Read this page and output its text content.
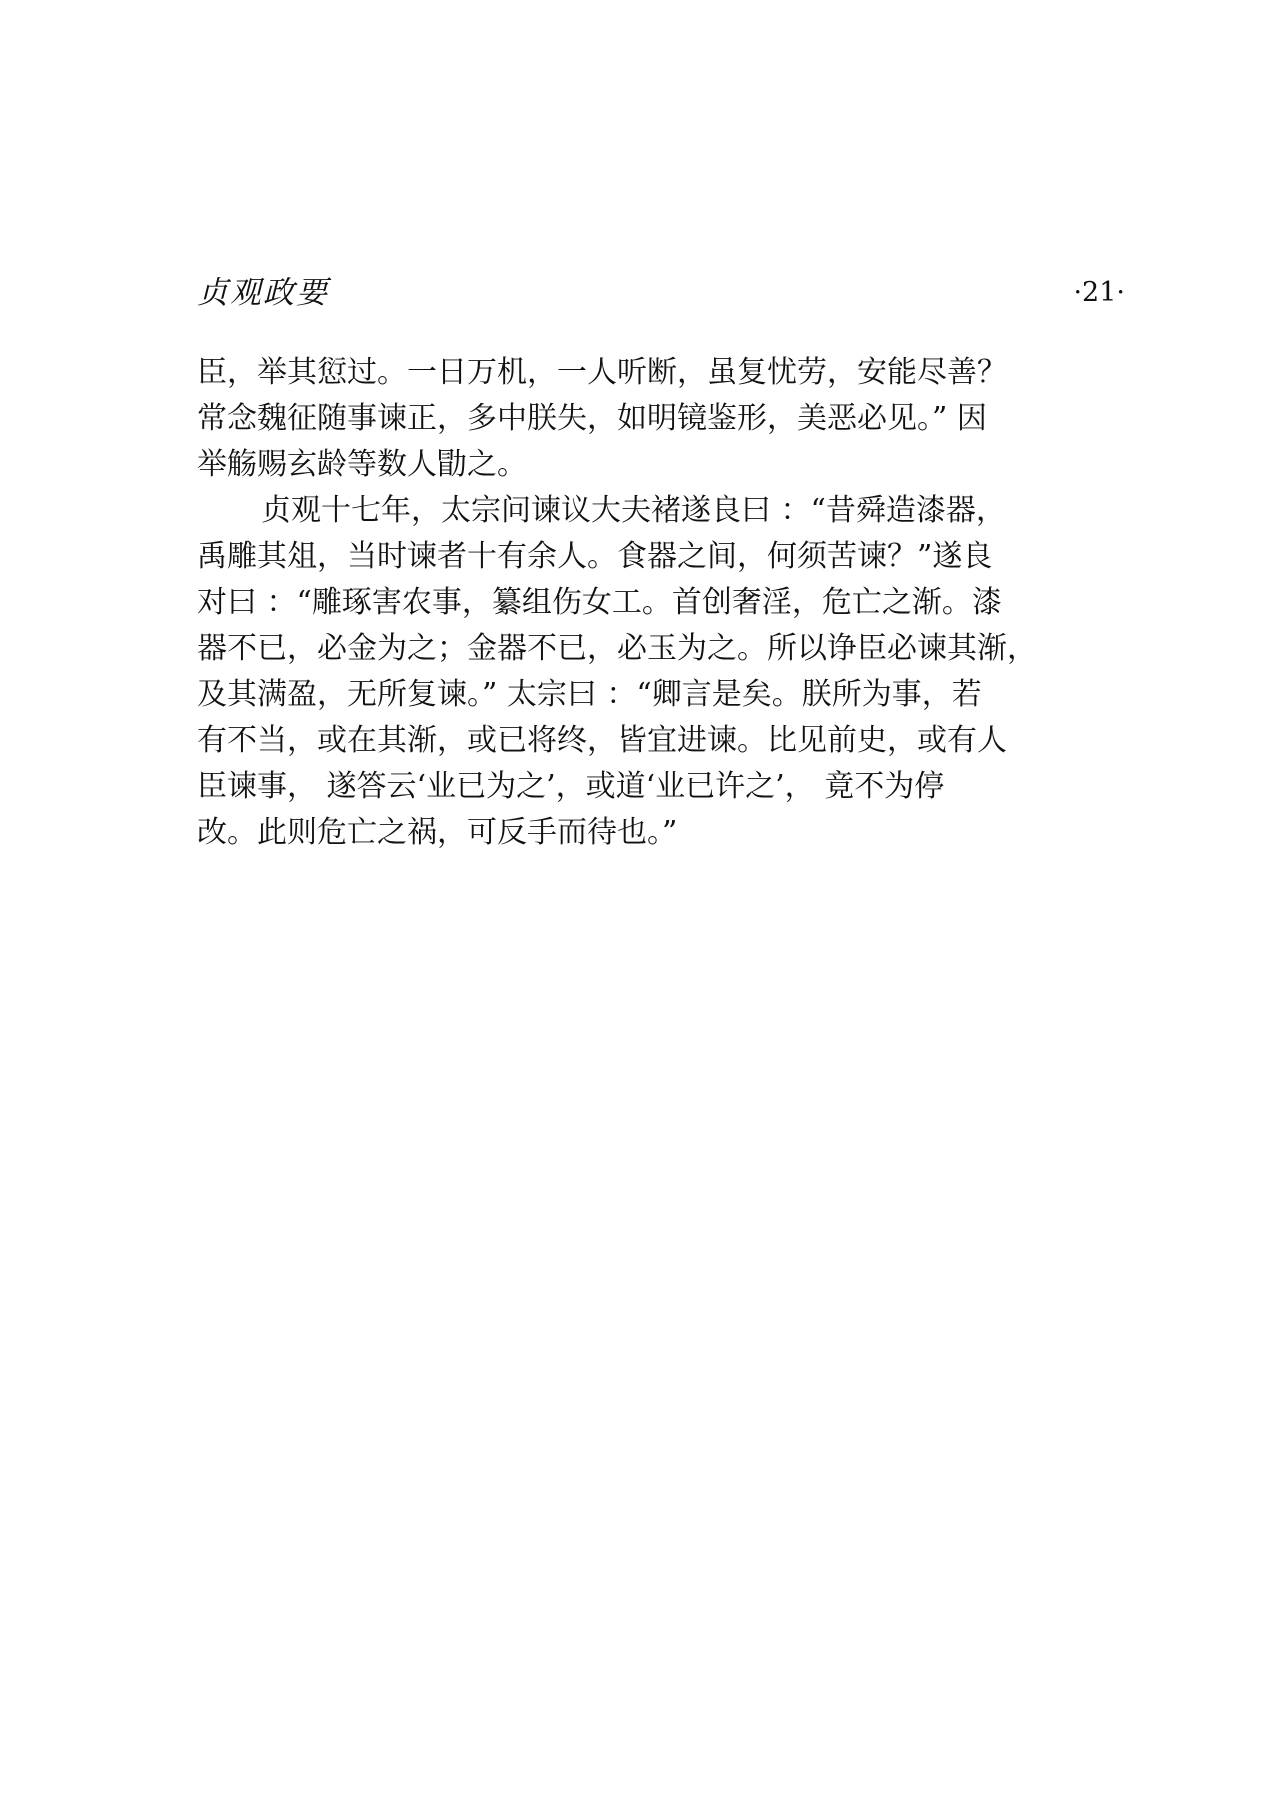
贞观政要	·21·
臣，举其愆过。一日万机，一人听断，虽复忧劳，安能尽善？
常念魏征随事谏正，多中朕失，如明镜鉴形，美恶必见。” 因
举觞赐玄龄等数人勖之。
贞观十七年，太宗问谏议大夫褚遂良曰 ：“昔舜造漆器，
禹雕其俎，当时谏者十有余人。食器之间，何须苦谏？”遂良
对曰 ：“雕琢害农事，纂组伤女工。首创奢淫，危亡之渐。漆
器不已，必金为之；金器不已，必玉为之。所以诤臣必谏其渐，
及其满盈，无所复谏。” 太宗曰 ：“卿言是矣。朕所为事，若
有不当，或在其渐，或已将终，皆宜进谏。比见前史，或有人
臣谏事， 遂答云‘业已为之’，或道‘业已许之’， 竟不为停
改。此则危亡之祸，可反手而待也。”
